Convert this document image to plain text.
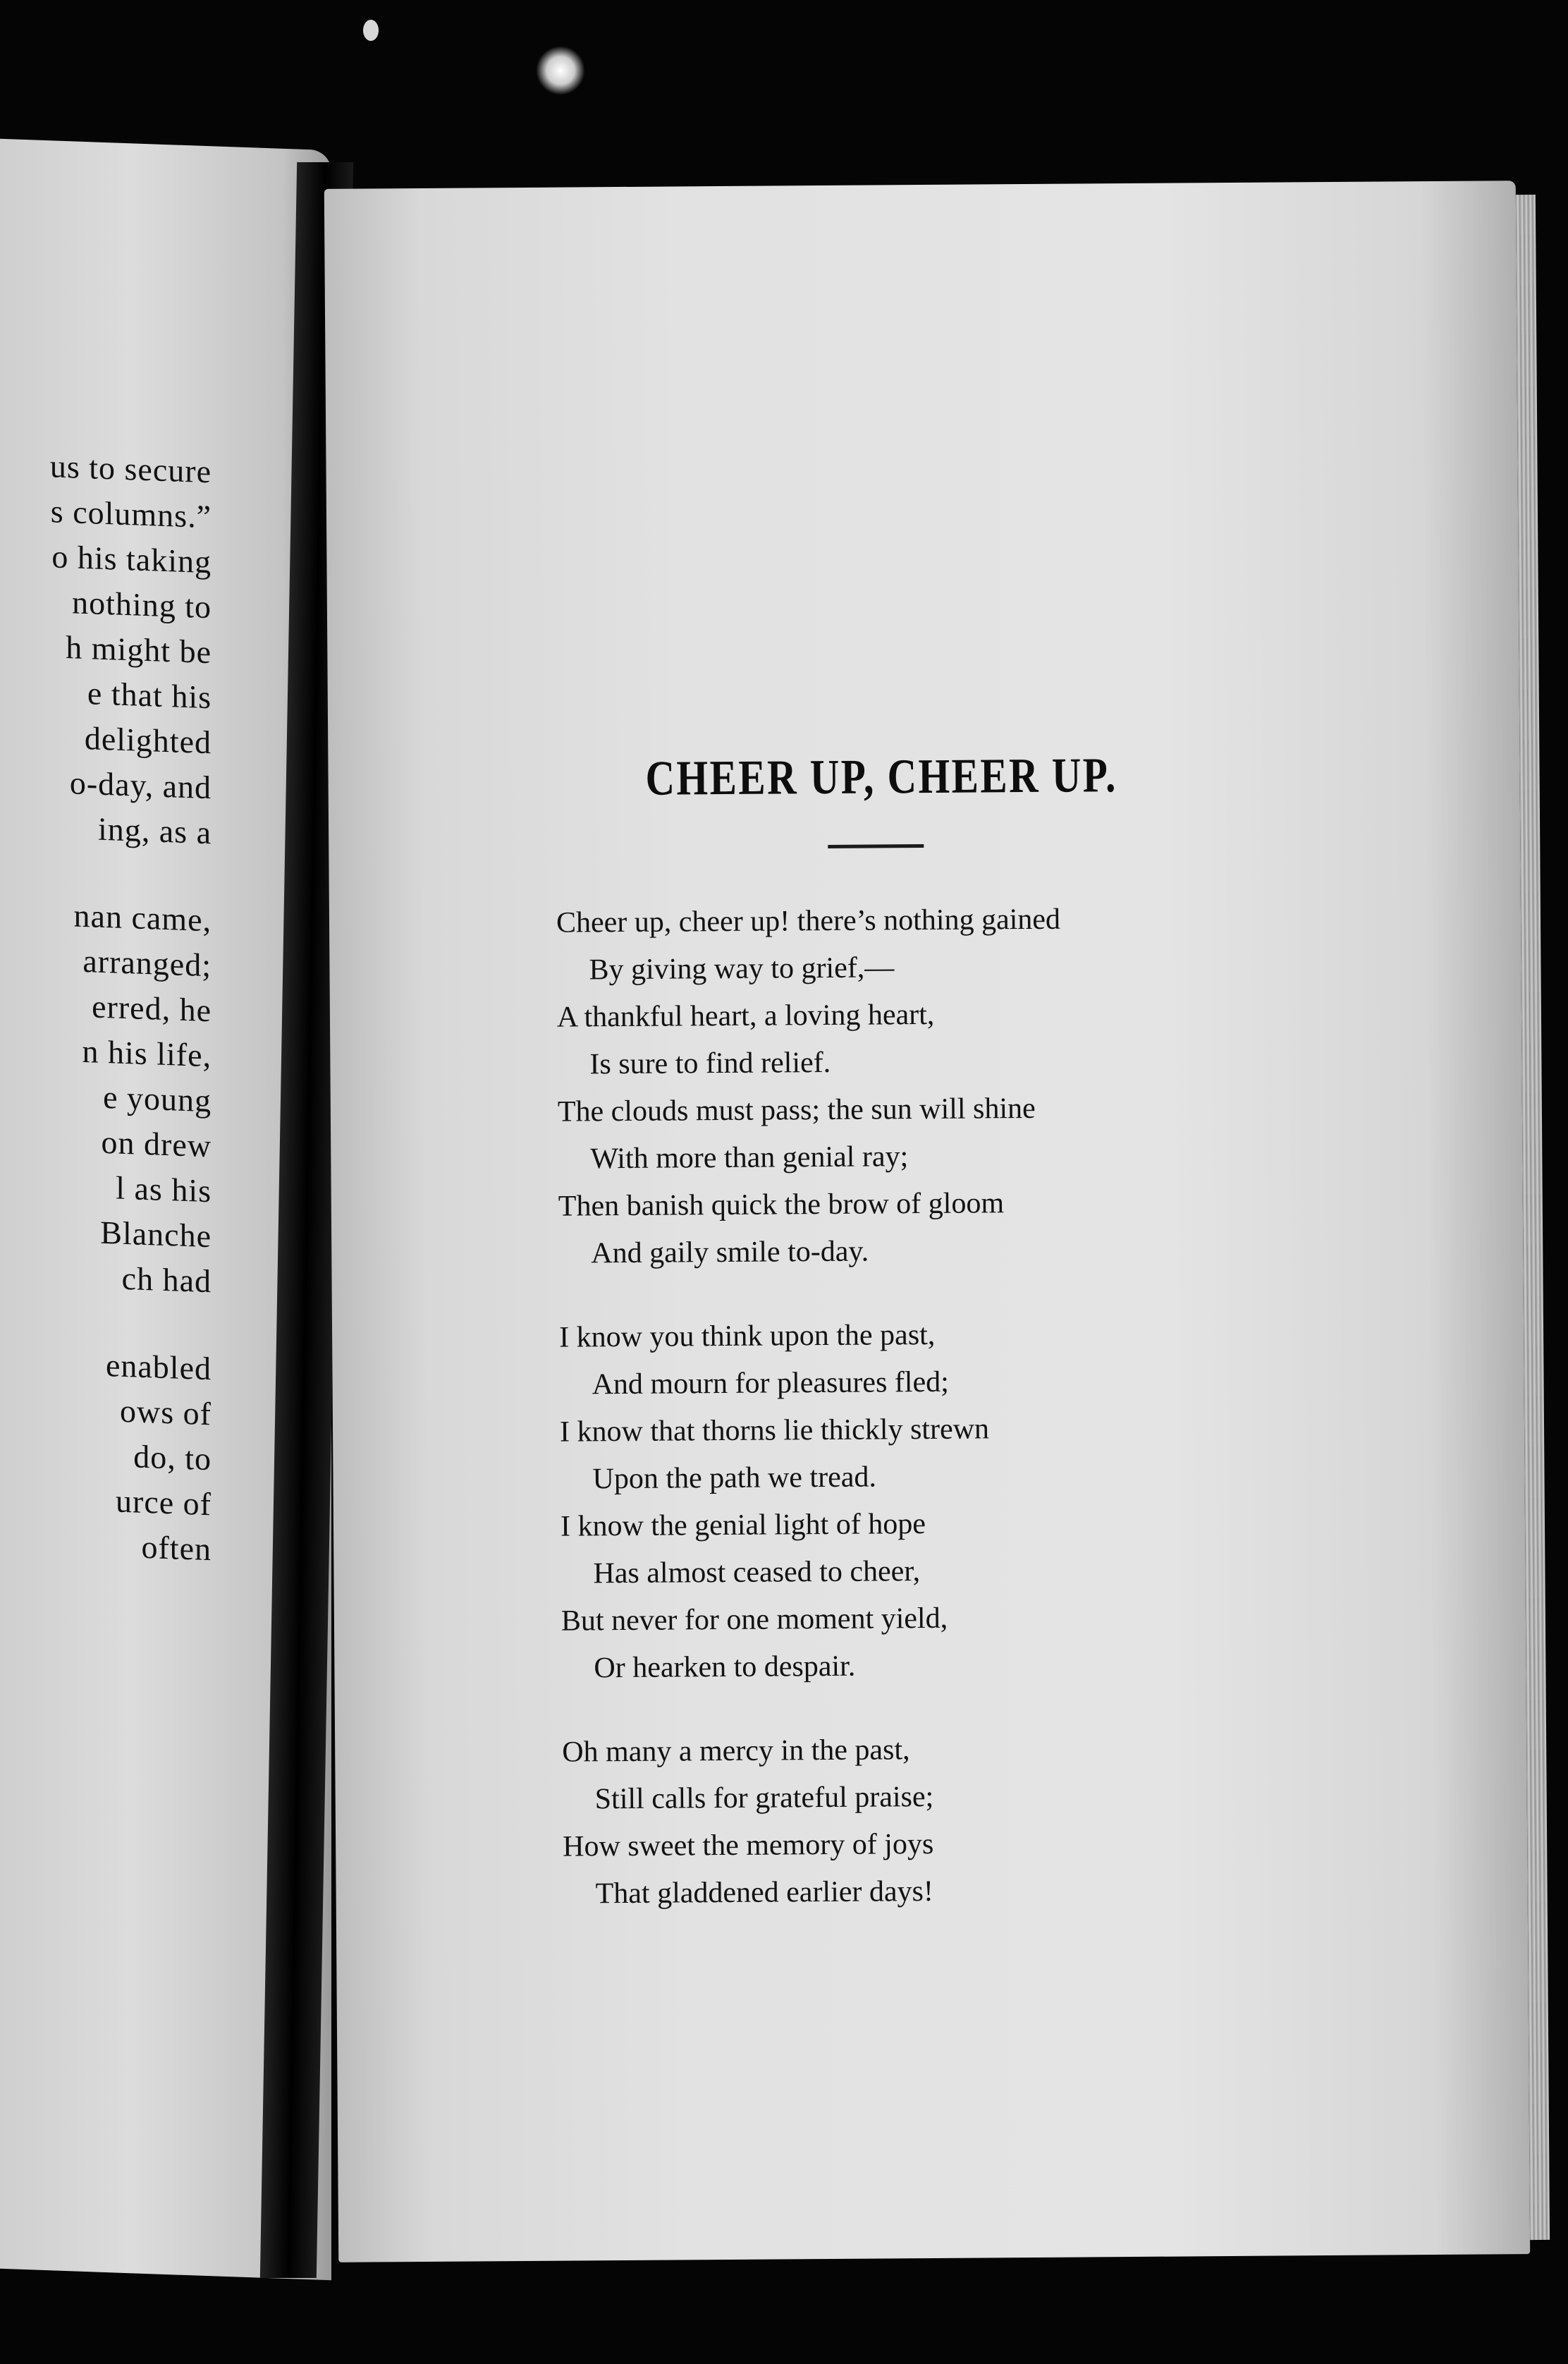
us to secure
s columns.”
o his taking
nothing to
h might be
e that his
delighted
o-day, and
ing, as a
nan came,
arranged;
erred, he
n his life,
e young
on drew
l as his
Blanche
ch had
enabled
ows of
do, to
urce of
often
CHEER UP, CHEER UP.
Cheer up, cheer up! there’s nothing gained
By giving way to grief,—
A thankful heart, a loving heart,
Is sure to find relief.
The clouds must pass; the sun will shine
With more than genial ray;
Then banish quick the brow of gloom
And gaily smile to-day.
I know you think upon the past,
And mourn for pleasures fled;
I know that thorns lie thickly strewn
Upon the path we tread.
I know the genial light of hope
Has almost ceased to cheer,
But never for one moment yield,
Or hearken to despair.
Oh many a mercy in the past,
Still calls for grateful praise;
How sweet the memory of joys
That gladdened earlier days!
